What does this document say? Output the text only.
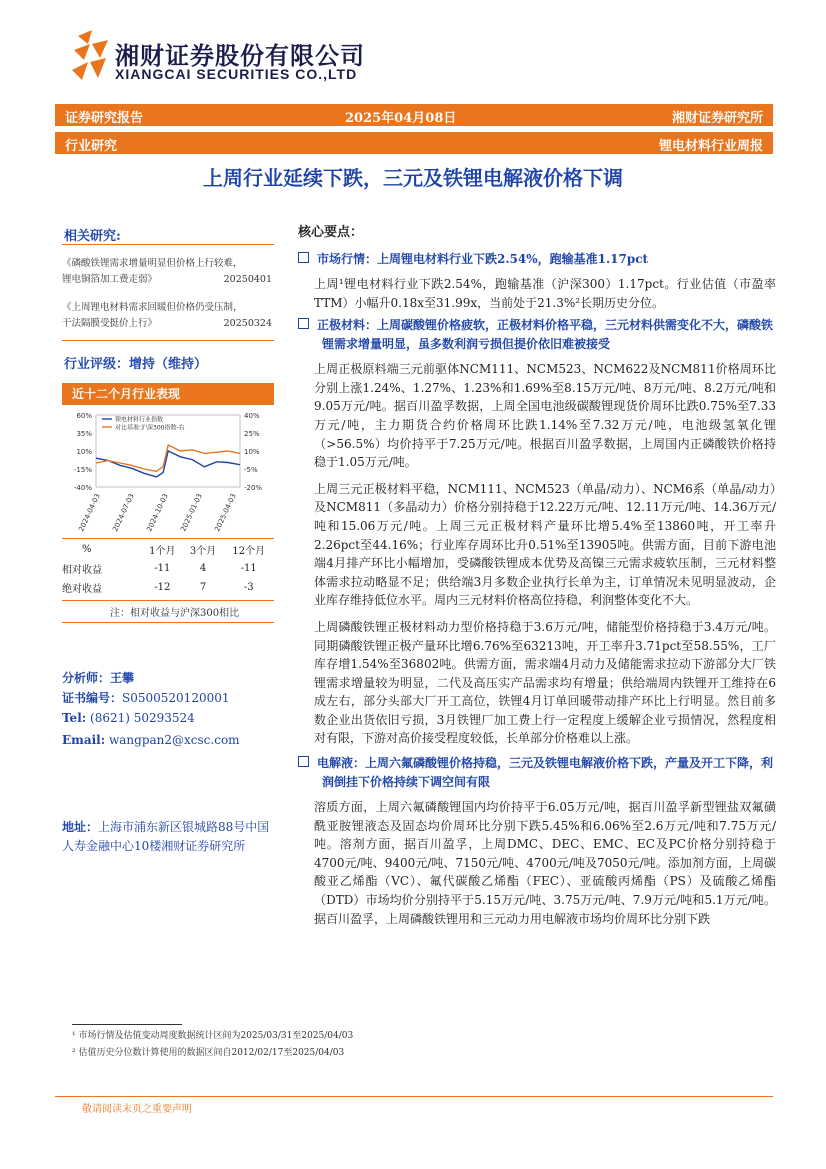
湘财证券股份有限公司
XIANGCAI SECURITIES CO.,LTD
证券研究报告	2025年04月08日	湘财证券研究所
行业研究	锂电材料行业周报
上周行业延续下跌，三元及铁锂电解液价格下调
相关研究:
《磷酸铁锂需求增量明显但价格上行较难，
锂电铜箔加工费走弱》	20250401
《上周锂电材料需求回暖但价格仍受压制，
干法隔膜受挺价上行》	20250324
行业评级：增持（维持）
近十二个月行业表现
60%
35%
10%
-15%
-40%
40%
25%
10%
-5%
-20%
2024-04-03 2024-07-03 2024-10-03 2025-01-03 2025-04-03
锂电材料行业指数
对比基准:沪深300指数-右
%	1个月	3个月	12个月
相对收益	-11	4	-11
绝对收益	-12	7	-3
注：相对收益与沪深300相比
分析师：王攀
证书编号：S0500520120001
Tel: (8621) 50293524
Email: wangpan2@xcsc.com
地址：上海市浦东新区银城路88号中国人寿金融中心10楼湘财证券研究所
核心要点：
市场行情：上周锂电材料行业下跌2.54%，跑输基准1.17pct
上周¹锂电材料行业下跌2.54%，跑输基准（沪深300）1.17pct。行业估值（市盈率TTM）小幅升0.18x至31.99x，当前处于21.3%²长期历史分位。
正极材料：上周碳酸锂价格疲软，正极材料价格平稳，三元材料供需变化不大，磷酸铁锂需求增量明显，虽多数利润亏损但提价依旧难被接受
上周正极原料端三元前驱体NCM111、NCM523、NCM622及NCM811价格周环比分别上涨1.24%、1.27%、1.23%和1.69%至8.15万元/吨、8万元/吨、8.2万元/吨和9.05万元/吨。据百川盈孚数据，上周全国电池级碳酸锂现货价周环比跌0.75%至7.33万元/吨，主力期货合约价格周环比跌1.14%至7.32万元/吨，电池级氢氧化锂（>56.5%）均价持平于7.25万元/吨。根据百川盈孚数据，上周国内正磷酸铁价格持稳于1.05万元/吨。
上周三元正极材料平稳，NCM111、NCM523（单晶/动力）、NCM6系（单晶/动力）及NCM811（多晶动力）价格分别持稳于12.22万元/吨、12.11万元/吨、14.36万元/吨和15.06万元/吨。上周三元正极材料产量环比增5.4%至13860吨，开工率升2.26pct至44.16%；行业库存周环比升0.51%至13905吨。供需方面，目前下游电池端4月排产环比小幅增加，受磷酸铁锂成本优势及高镍三元需求疲软压制，三元材料整体需求拉动略显不足；供给端3月多数企业执行长单为主，订单情况未见明显波动，企业库存维持低位水平。周内三元材料价格高位持稳，利润整体变化不大。
上周磷酸铁锂正极材料动力型价格持稳于3.6万元/吨，储能型价格持稳于3.4万元/吨。同期磷酸铁锂正极产量环比增6.76%至63213吨，开工率升3.71pct至58.55%，工厂库存增1.54%至36802吨。供需方面，需求端4月动力及储能需求拉动下游部分大厂铁锂需求增量较为明显，二代及高压实产品需求均有增量；供给端周内铁锂开工维持在6成左右，部分头部大厂开工高位，铁锂4月订单回暖带动排产环比上行明显。然目前多数企业出货依旧亏损，3月铁锂厂加工费上行一定程度上缓解企业亏损情况，然程度相对有限，下游对高价接受程度较低，长单部分价格难以上涨。
电解液：上周六氟磷酸锂价格持稳，三元及铁锂电解液价格下跌，产量及开工下降，利润倒挂下价格持续下调空间有限
溶质方面，上周六氟磷酸锂国内均价持平于6.05万元/吨，据百川盈孚新型锂盐双氟磺酰亚胺锂液态及固态均价周环比分别下跌5.45%和6.06%至2.6万元/吨和7.75万元/吨。溶剂方面，据百川盈孚，上周DMC、DEC、EMC、EC及PC价格分别持稳于4700元/吨、9400元/吨、7150元/吨、4700元/吨及7050元/吨。添加剂方面，上周碳酸亚乙烯酯（VC）、氟代碳酸乙烯酯（FEC）、亚硫酸丙烯酯（PS）及硫酸乙烯酯（DTD）市场均价分别持平于5.15万元/吨、3.75万元/吨、7.9万元/吨和5.1万元/吨。据百川盈孚，上周磷酸铁锂用和三元动力用电解液市场均价周环比分别下跌
¹ 市场行情及估值变动周度数据统计区间为2025/03/31至2025/04/03
² 估值历史分位数计算使用的数据区间自2012/02/17至2025/04/03
敬请阅读末页之重要声明
